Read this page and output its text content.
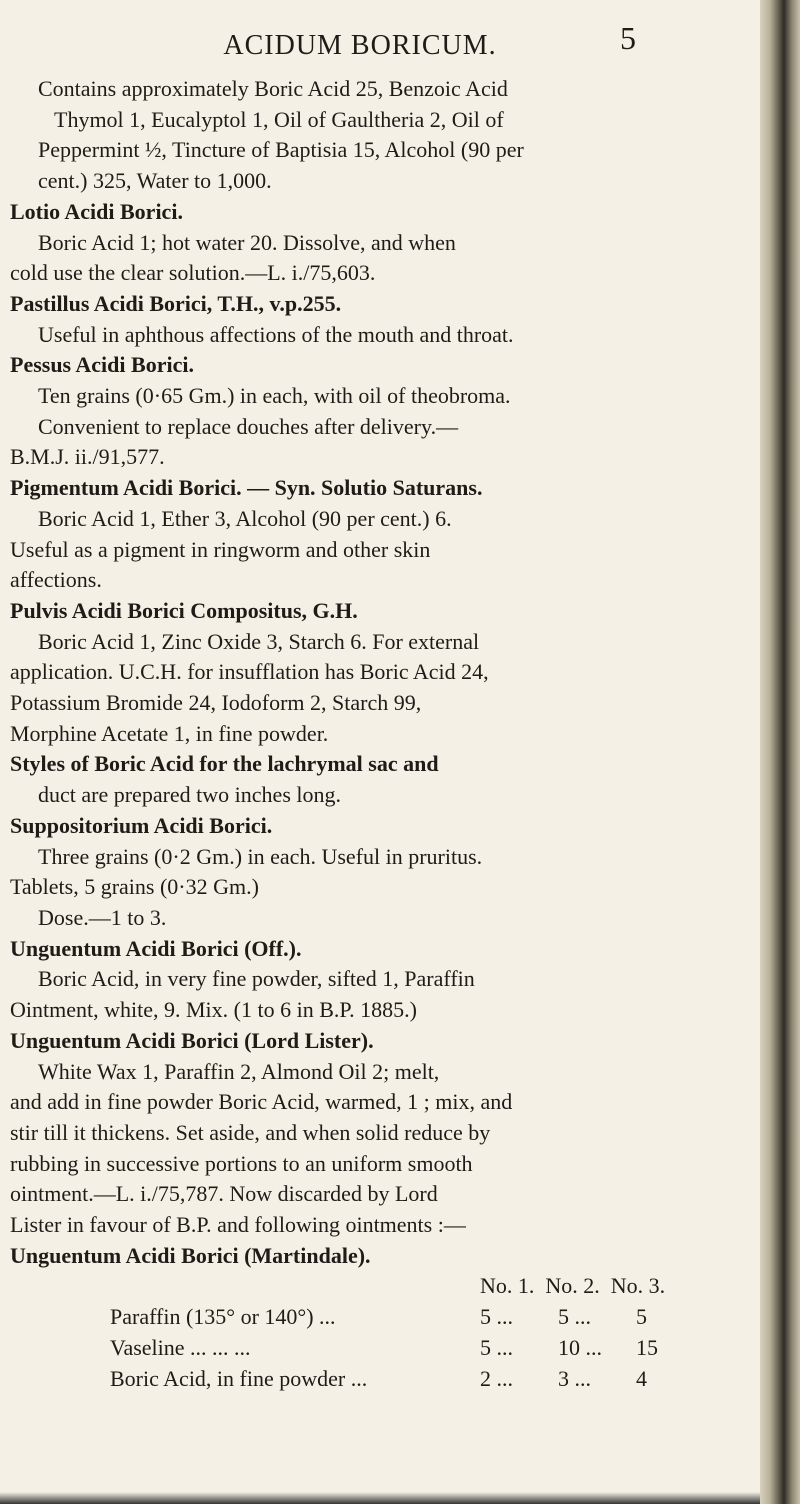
ACIDUM BORICUM.	5
Contains approximately Boric Acid 25, Benzoic Acid
Thymol 1, Eucalyptol 1, Oil of Gaultheria 2, Oil of
Peppermint ½, Tincture of Baptisia 15, Alcohol (90 per
cent.) 325, Water to 1,000.
Lotio Acidi Borici.
Boric Acid 1; hot water 20. Dissolve, and when
cold use the clear solution.—L. i./75,603.
Pastillus Acidi Borici, T.H., v.p.255.
Useful in aphthous affections of the mouth and throat.
Pessus Acidi Borici.
Ten grains (0·65 Gm.) in each, with oil of theobroma.
Convenient to replace douches after delivery.—
B.M.J. ii./91,577.
Pigmentum Acidi Borici. — Syn. Solutio Saturans.
Boric Acid 1, Ether 3, Alcohol (90 per cent.) 6.
Useful as a pigment in ringworm and other skin
affections.
Pulvis Acidi Borici Compositus, G.H.
Boric Acid 1, Zinc Oxide 3, Starch 6. For external
application. U.C.H. for insufflation has Boric Acid 24,
Potassium Bromide 24, Iodoform 2, Starch 99,
Morphine Acetate 1, in fine powder.
Styles of Boric Acid for the lachrymal sac and
duct are prepared two inches long.
Suppositorium Acidi Borici.
Three grains (0·2 Gm.) in each. Useful in pruritus.
Tablets, 5 grains (0·32 Gm.)
Dose.—1 to 3.
Unguentum Acidi Borici (Off.).
Boric Acid, in very fine powder, sifted 1, Paraffin
Ointment, white, 9. Mix. (1 to 6 in B.P. 1885.)
Unguentum Acidi Borici (Lord Lister).
White Wax 1, Paraffin 2, Almond Oil 2; melt,
and add in fine powder Boric Acid, warmed, 1 ; mix, and
stir till it thickens. Set aside, and when solid reduce by
rubbing in successive portions to an uniform smooth
ointment.—L. i./75,787. Now discarded by Lord
Lister in favour of B.P. and following ointments :—
Unguentum Acidi Borici (Martindale).
No. 1. No. 2. No. 3.
Paraffin (135° or 140°) ...	5 ...	5 ...	5
Vaseline ... ... ...	5 ...	10 ...	15
Boric Acid, in fine powder ...	2 ...	3 ...	4
